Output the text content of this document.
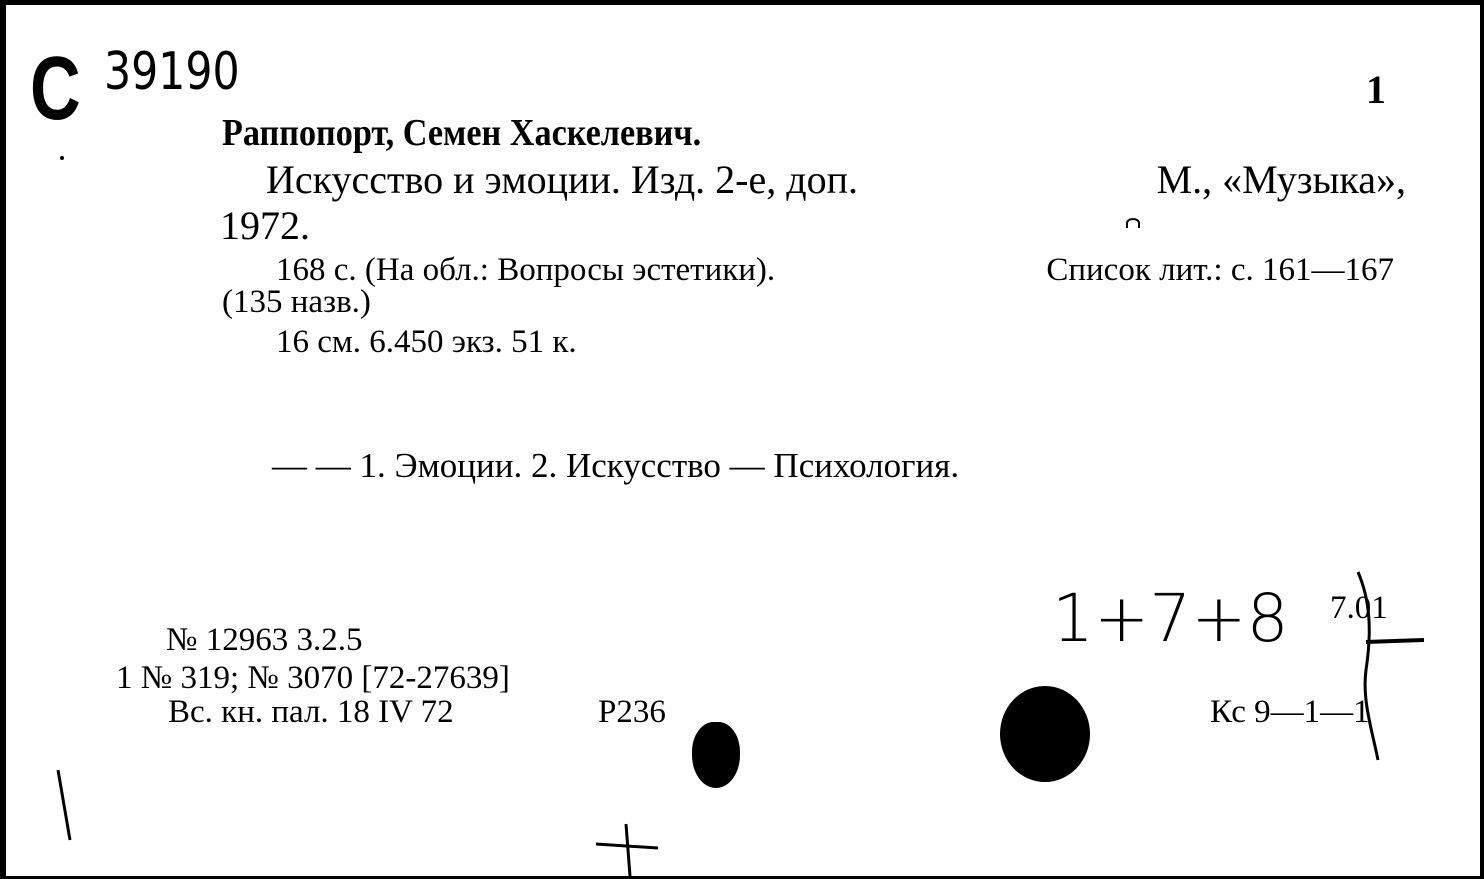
С 39190	1
Раппопорт, Семен Хаскелевич.
Искусство и эмоции. Изд. 2-е, доп.	М., «Музыка»,
1972.
168 с. (На обл.: Вопросы эстетики).	Список лит.: с. 161—167
(135 назв.)
16 см. 6.450 экз. 51 к.
— — 1. Эмоции. 2. Искусство — Психология.
№ 12963 3.2.5
1 № 319; № 3070 [72-27639]
Вс. кн. пал. 18 IV 72	Р236
1+7+8 7.01
Кс 9—1—1
